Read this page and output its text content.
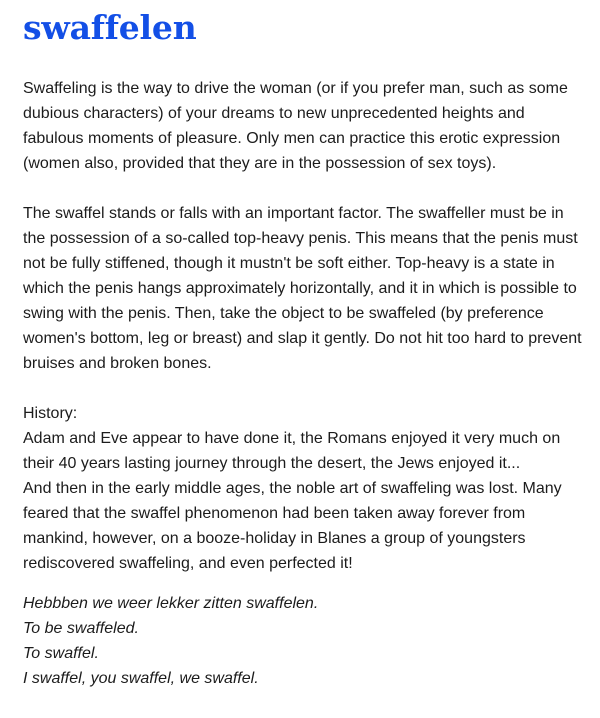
swaffelen

Swaffeling is the way to drive the woman (or if you prefer man, such as some dubious characters) of your dreams to new unprecedented heights and fabulous moments of pleasure. Only men can practice this erotic expression (women also, provided that they are in the possession of sex toys).

The swaffel stands or falls with an important factor. The swaffeller must be in the possession of a so-called top-heavy penis. This means that the penis must not be fully stiffened, though it mustn't be soft either. Top-heavy is a state in which the penis hangs approximately horizontally, and it in which is possible to swing with the penis. Then, take the object to be swaffeled (by preference women's bottom, leg or breast) and slap it gently. Do not hit too hard to prevent bruises and broken bones.

History:

Adam and Eve appear to have done it, the Romans enjoyed it very much on their 40 years lasting journey through the desert, the Jews enjoyed it...

And then in the early middle ages, the noble art of swaffeling was lost. Many feared that the swaffel phenomenon had been taken away forever from mankind, however, on a booze-holiday in Blanes a group of youngsters rediscovered swaffeling, and even perfected it!

Hebbben we weer lekker zitten swaffelen.
To be swaffeled.
To swaffel.
I swaffel, you swaffel, we swaffel.
